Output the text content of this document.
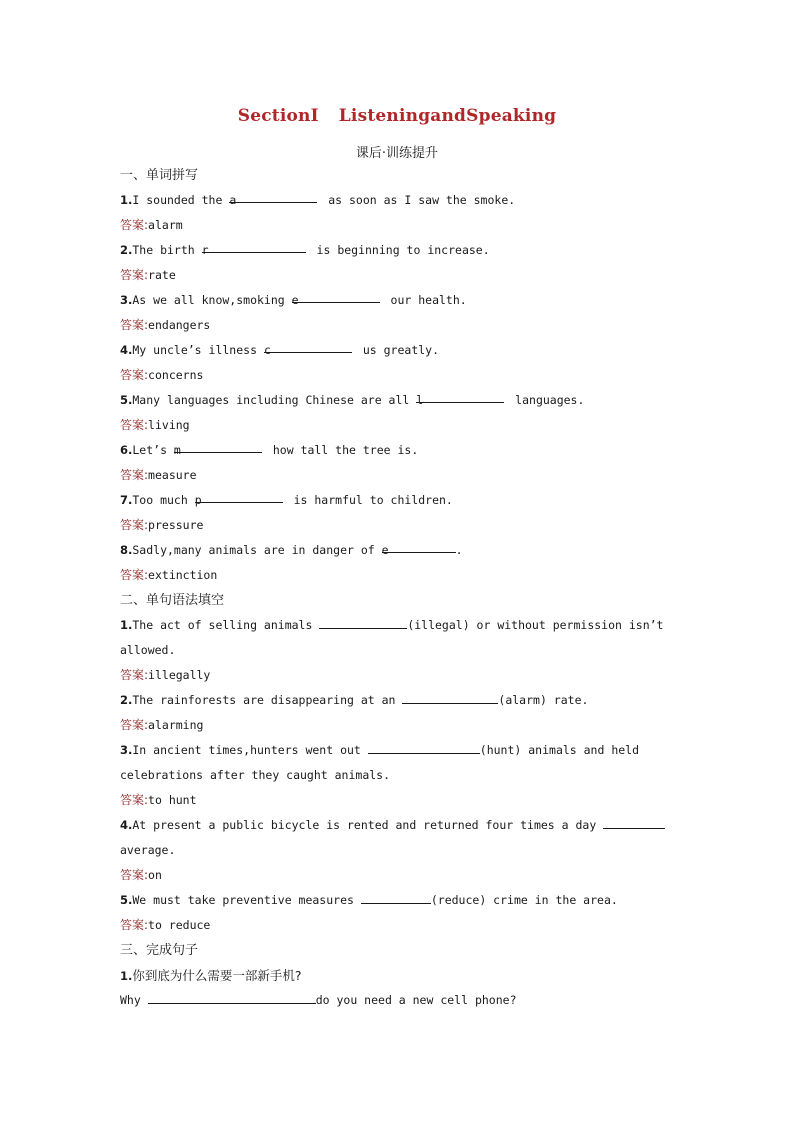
SectionⅠ ListeningandSpeaking
课后·训练提升
一、单词拼写
1.I sounded the a	as soon as I saw the smoke.
答案:alarm
2.The birth r	is beginning to increase.
答案:rate
3.As we all know,smoking e	our health.
答案:endangers
4.My uncle’s illness c	us greatly.
答案:concerns
5.Many languages including Chinese are all l	languages.
答案:living
6.Let’s m	how tall the tree is.
答案:measure
7.Too much p	is harmful to children.
答案:pressure
8.Sadly,many animals are in danger of e	.
答案:extinction
二、单句语法填空
1.The act of selling animals	(illegal) or without permission isn’t
allowed.
答案:illegally
2.The rainforests are disappearing at an	(alarm) rate.
答案:alarming
3.In ancient times,hunters went out	(hunt) animals and held
celebrations after they caught animals.
答案:to hunt
4.At present a public bicycle is rented and returned four times a day
average.
答案:on
5.We must take preventive measures	(reduce) crime in the area.
答案:to reduce
三、完成句子
1.你到底为什么需要一部新手机?
Why	do you need a new cell phone?
